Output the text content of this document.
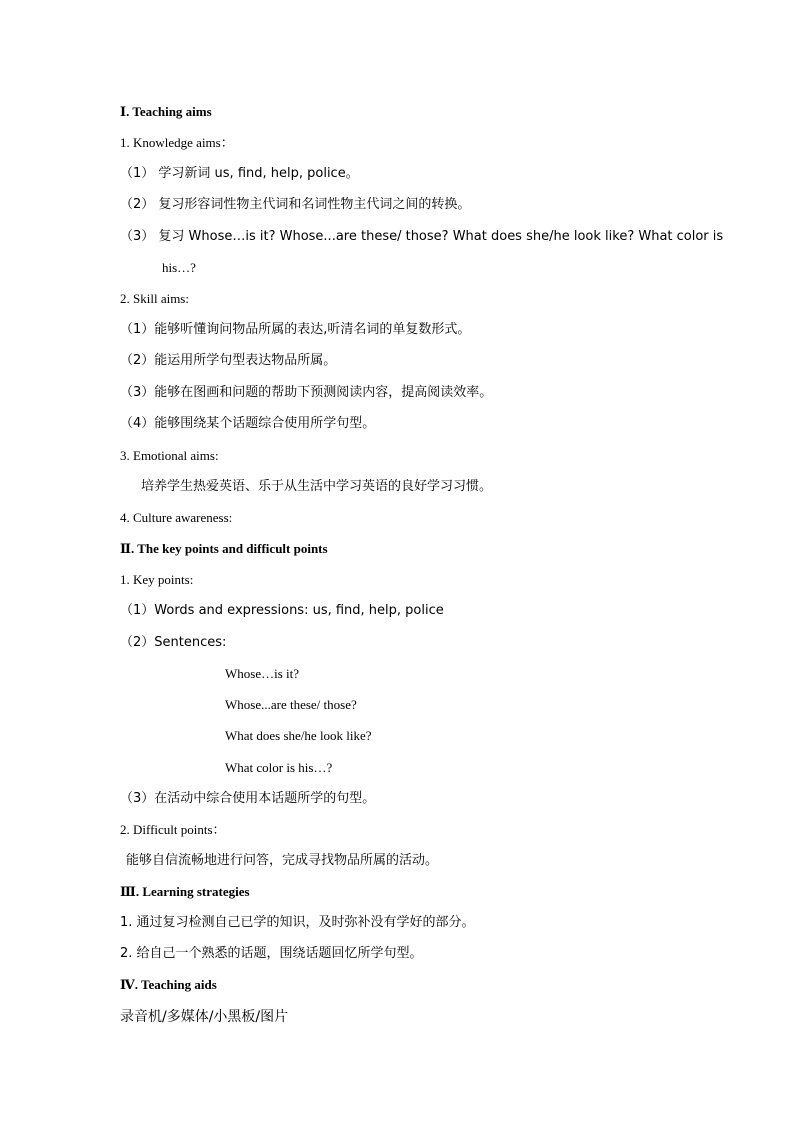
Ⅰ. Teaching aims
1. Knowledge aims：
（1） 学习新词 us, find, help, police。
（2） 复习形容词性物主代词和名词性物主代词之间的转换。
（3） 复习 Whose…is it? Whose...are these/ those? What does she/he look like? What color is
his…?
2. Skill aims:
（1）能够听懂询问物品所属的表达,听清名词的单复数形式。
（2）能运用所学句型表达物品所属。
（3）能够在图画和问题的帮助下预测阅读内容，提高阅读效率。
（4）能够围绕某个话题综合使用所学句型。
3. Emotional aims:
培养学生热爱英语、乐于从生活中学习英语的良好学习习惯。
4. Culture awareness:
Ⅱ. The key points and difficult points
1. Key points:
（1）Words and expressions: us, find, help, police
（2）Sentences:
Whose…is it?
Whose...are these/ those?
What does she/he look like?
What color is his…?
（3）在活动中综合使用本话题所学的句型。
2. Difficult points：
能够自信流畅地进行问答，完成寻找物品所属的活动。
Ⅲ. Learning strategies
1. 通过复习检测自己已学的知识，及时弥补没有学好的部分。
2. 给自己一个熟悉的话题，围绕话题回忆所学句型。
Ⅳ. Teaching aids
录音机/多媒体/小黑板/图片
